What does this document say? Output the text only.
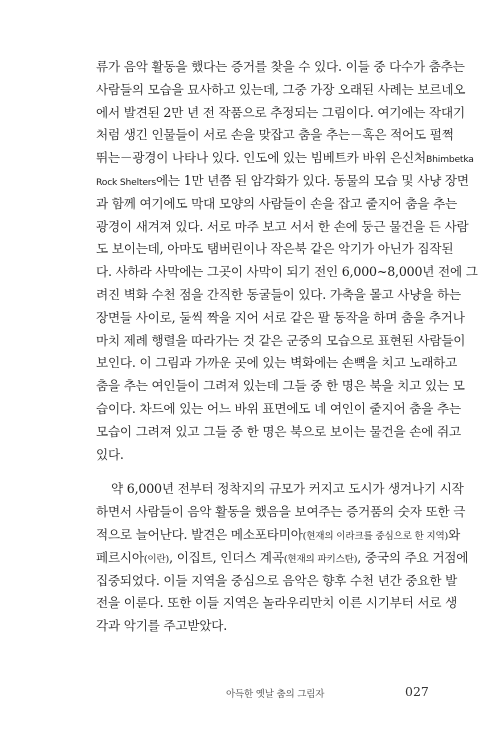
류가 음악 활동을 했다는 증거를 찾을 수 있다. 이들 중 다수가 춤추는
사람들의 모습을 묘사하고 있는데, 그중 가장 오래된 사례는 보르네오
에서 발견된 2만 년 전 작품으로 추정되는 그림이다. 여기에는 작대기
처럼 생긴 인물들이 서로 손을 맞잡고 춤을 추는－혹은 적어도 펄쩍
뛰는－광경이 나타나 있다. 인도에 있는 빔베트카 바위 은신처Bhimbetka
Rock Shelters에는 1만 년쯤 된 암각화가 있다. 동물의 모습 및 사냥 장면
과 함께 여기에도 막대 모양의 사람들이 손을 잡고 줄지어 춤을 추는
광경이 새겨져 있다. 서로 마주 보고 서서 한 손에 둥근 물건을 든 사람
도 보이는데, 아마도 탬버린이나 작은북 같은 악기가 아닌가 짐작된
다. 사하라 사막에는 그곳이 사막이 되기 전인 6,000~8,000년 전에 그
려진 벽화 수천 점을 간직한 동굴들이 있다. 가축을 몰고 사냥을 하는
장면들 사이로, 둘씩 짝을 지어 서로 같은 팔 동작을 하며 춤을 추거나
마치 제례 행렬을 따라가는 것 같은 군중의 모습으로 표현된 사람들이
보인다. 이 그림과 가까운 곳에 있는 벽화에는 손뼉을 치고 노래하고
춤을 추는 여인들이 그려져 있는데 그들 중 한 명은 북을 치고 있는 모
습이다. 차드에 있는 어느 바위 표면에도 네 여인이 줄지어 춤을 추는
모습이 그려져 있고 그들 중 한 명은 북으로 보이는 물건을 손에 쥐고
있다.
약 6,000년 전부터 정착지의 규모가 커지고 도시가 생겨나기 시작
하면서 사람들이 음악 활동을 했음을 보여주는 증거품의 숫자 또한 극
적으로 늘어난다. 발견은 메소포타미아(현재의 이라크를 중심으로 한 지역)와
페르시아(이란), 이집트, 인더스 계곡(현재의 파키스탄), 중국의 주요 거점에
집중되었다. 이들 지역을 중심으로 음악은 향후 수천 년간 중요한 발
전을 이룬다. 또한 이들 지역은 놀라우리만치 이른 시기부터 서로 생
각과 악기를 주고받았다.
아득한 옛날 춤의 그림자	027
